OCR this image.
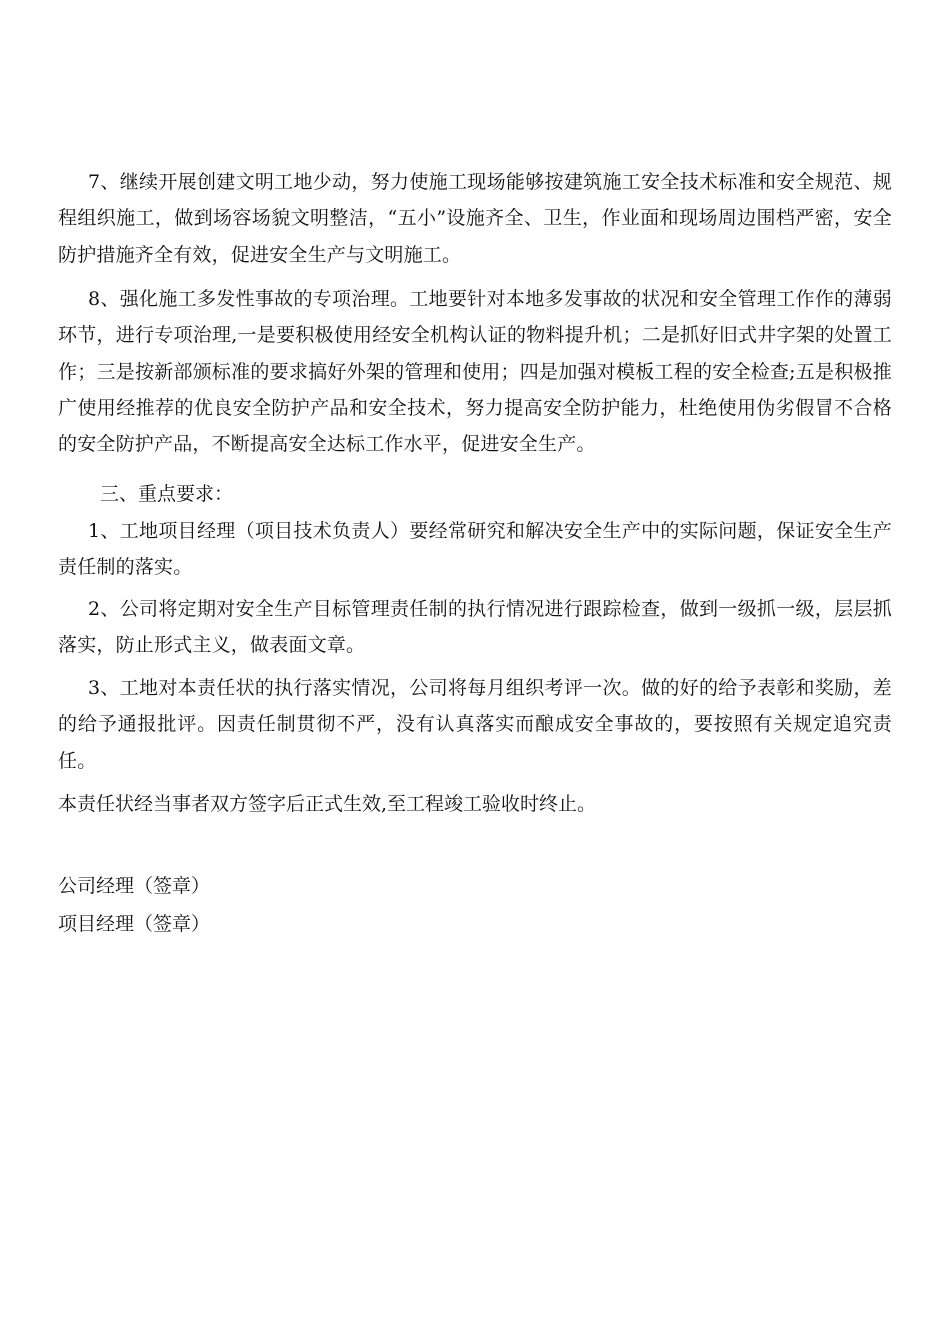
7、继续开展创建文明工地少动，努力使施工现场能够按建筑施工安全技术标准和安全规范、规程组织施工，做到场容场貌文明整洁，“五小”设施齐全、卫生，作业面和现场周边围档严密，安全防护措施齐全有效，促进安全生产与文明施工。

8、强化施工多发性事故的专项治理。工地要针对本地多发事故的状况和安全管理工作作的薄弱环节，进行专项治理,一是要积极使用经安全机构认证的物料提升机；二是抓好旧式井字架的处置工作；三是按新部颁标准的要求搞好外架的管理和使用；四是加强对模板工程的安全检查;五是积极推广使用经推荐的优良安全防护产品和安全技术，努力提高安全防护能力，杜绝使用伪劣假冒不合格的安全防护产品，不断提高安全达标工作水平，促进安全生产。

三、重点要求：

1、工地项目经理（项目技术负责人）要经常研究和解决安全生产中的实际问题，保证安全生产责任制的落实。

2、公司将定期对安全生产目标管理责任制的执行情况进行跟踪检查，做到一级抓一级，层层抓落实，防止形式主义，做表面文章。

3、工地对本责任状的执行落实情况，公司将每月组织考评一次。做的好的给予表彰和奖励，差的给予通报批评。因责任制贯彻不严，没有认真落实而酿成安全事故的，要按照有关规定追究责任。

本责任状经当事者双方签字后正式生效,至工程竣工验收时终止。

公司经理（签章）

项目经理（签章）
